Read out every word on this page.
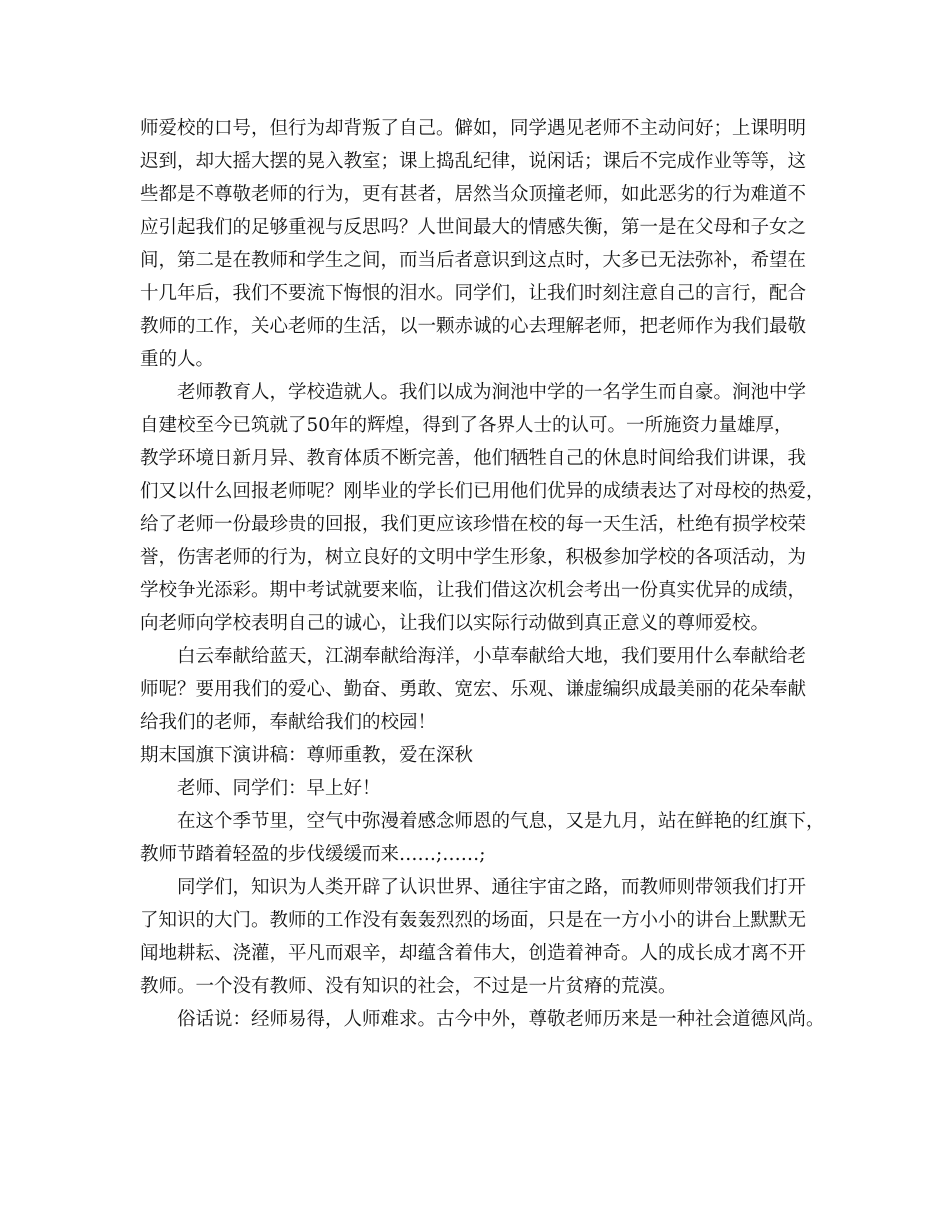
师爱校的口号，但行为却背叛了自己。僻如，同学遇见老师不主动问好；上课明明
迟到，却大摇大摆的晃入教室；课上捣乱纪律，说闲话；课后不完成作业等等，这
些都是不尊敬老师的行为，更有甚者，居然当众顶撞老师，如此恶劣的行为难道不
应引起我们的足够重视与反思吗？人世间最大的情感失衡，第一是在父母和子女之
间，第二是在教师和学生之间，而当后者意识到这点时，大多已无法弥补，希望在
十几年后，我们不要流下悔恨的泪水。同学们，让我们时刻注意自己的言行，配合
教师的工作，关心老师的生活，以一颗赤诚的心去理解老师，把老师作为我们最敬
重的人。
老师教育人，学校造就人。我们以成为涧池中学的一名学生而自豪。涧池中学
自建校至今已筑就了50年的辉煌，得到了各界人士的认可。一所施资力量雄厚，
教学环境日新月异、教育体质不断完善，他们牺牲自己的休息时间给我们讲课，我
们又以什么回报老师呢？刚毕业的学长们已用他们优异的成绩表达了对母校的热爱，
给了老师一份最珍贵的回报，我们更应该珍惜在校的每一天生活，杜绝有损学校荣
誉，伤害老师的行为，树立良好的文明中学生形象，积极参加学校的各项活动，为
学校争光添彩。期中考试就要来临，让我们借这次机会考出一份真实优异的成绩，
向老师向学校表明自己的诚心，让我们以实际行动做到真正意义的尊师爱校。
白云奉献给蓝天，江湖奉献给海洋，小草奉献给大地，我们要用什么奉献给老
师呢？要用我们的爱心、勤奋、勇敢、宽宏、乐观、谦虚编织成最美丽的花朵奉献
给我们的老师，奉献给我们的校园！
期末国旗下演讲稿：尊师重教，爱在深秋
老师、同学们：早上好！
在这个季节里，空气中弥漫着感念师恩的气息，又是九月，站在鲜艳的红旗下，
教师节踏着轻盈的步伐缓缓而来……;……;
同学们，知识为人类开辟了认识世界、通往宇宙之路，而教师则带领我们打开
了知识的大门。教师的工作没有轰轰烈烈的场面，只是在一方小小的讲台上默默无
闻地耕耘、浇灌，平凡而艰辛，却蕴含着伟大，创造着神奇。人的成长成才离不开
教师。一个没有教师、没有知识的社会，不过是一片贫瘠的荒漠。
俗话说：经师易得，人师难求。古今中外，尊敬老师历来是一种社会道德风尚。
